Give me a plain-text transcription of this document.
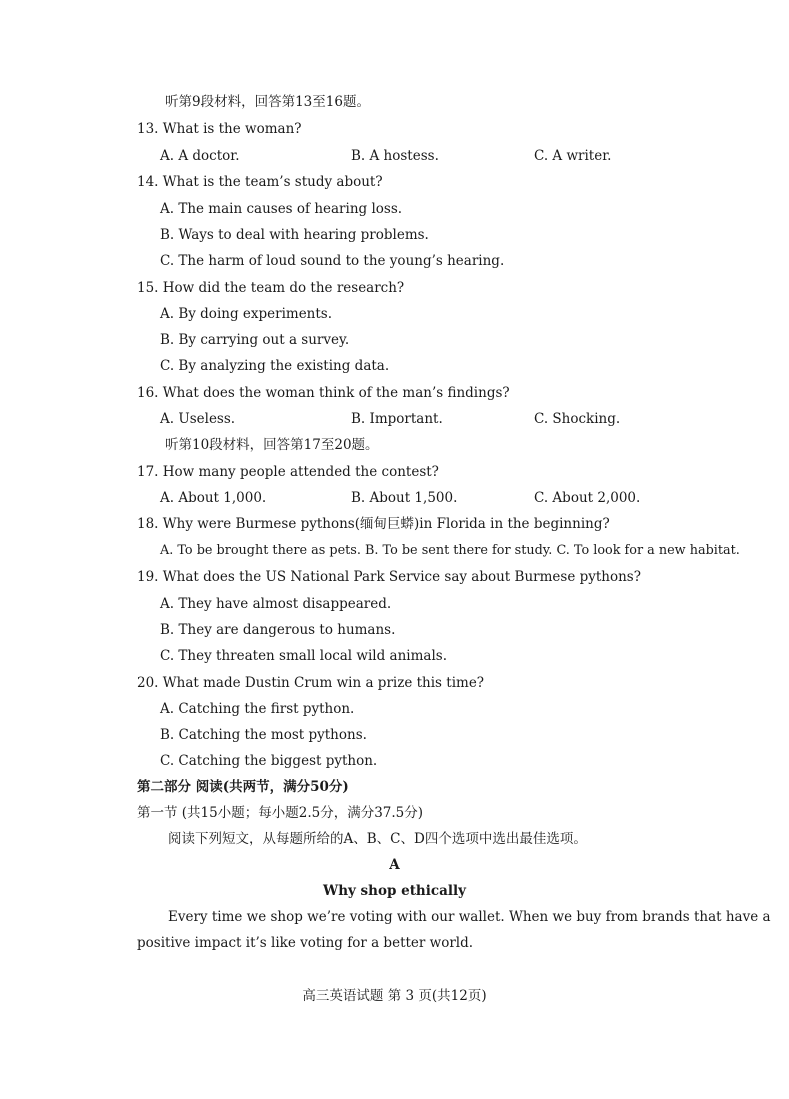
听第9段材料，回答第13至16题。
13. What is the woman?
A. A doctor.	B. A hostess.	C. A writer.
14. What is the team’s study about?
A. The main causes of hearing loss.
B. Ways to deal with hearing problems.
C. The harm of loud sound to the young’s hearing.
15. How did the team do the research?
A. By doing experiments.
B. By carrying out a survey.
C. By analyzing the existing data.
16. What does the woman think of the man’s findings?
A. Useless.	B. Important.	C. Shocking.
听第10段材料，回答第17至20题。
17. How many people attended the contest?
A. About 1,000.	B. About 1,500.	C. About 2,000.
18. Why were Burmese pythons(缅甸巨蟒)in Florida in the beginning?
A. To be brought there as pets. B. To be sent there for study. C. To look for a new habitat.
19. What does the US National Park Service say about Burmese pythons?
A. They have almost disappeared.
B. They are dangerous to humans.
C. They threaten small local wild animals.
20. What made Dustin Crum win a prize this time?
A. Catching the first python.
B. Catching the most pythons.
C. Catching the biggest python.
第二部分 阅读(共两节，满分50分)
第一节 (共15小题；每小题2.5分，满分37.5分)
阅读下列短文，从每题所给的A、B、C、D四个选项中选出最佳选项。
A
Why shop ethically
Every time we shop we’re voting with our wallet. When we buy from brands that have a
positive impact it’s like voting for a better world.
高三英语试题 第 3 页(共12页)
